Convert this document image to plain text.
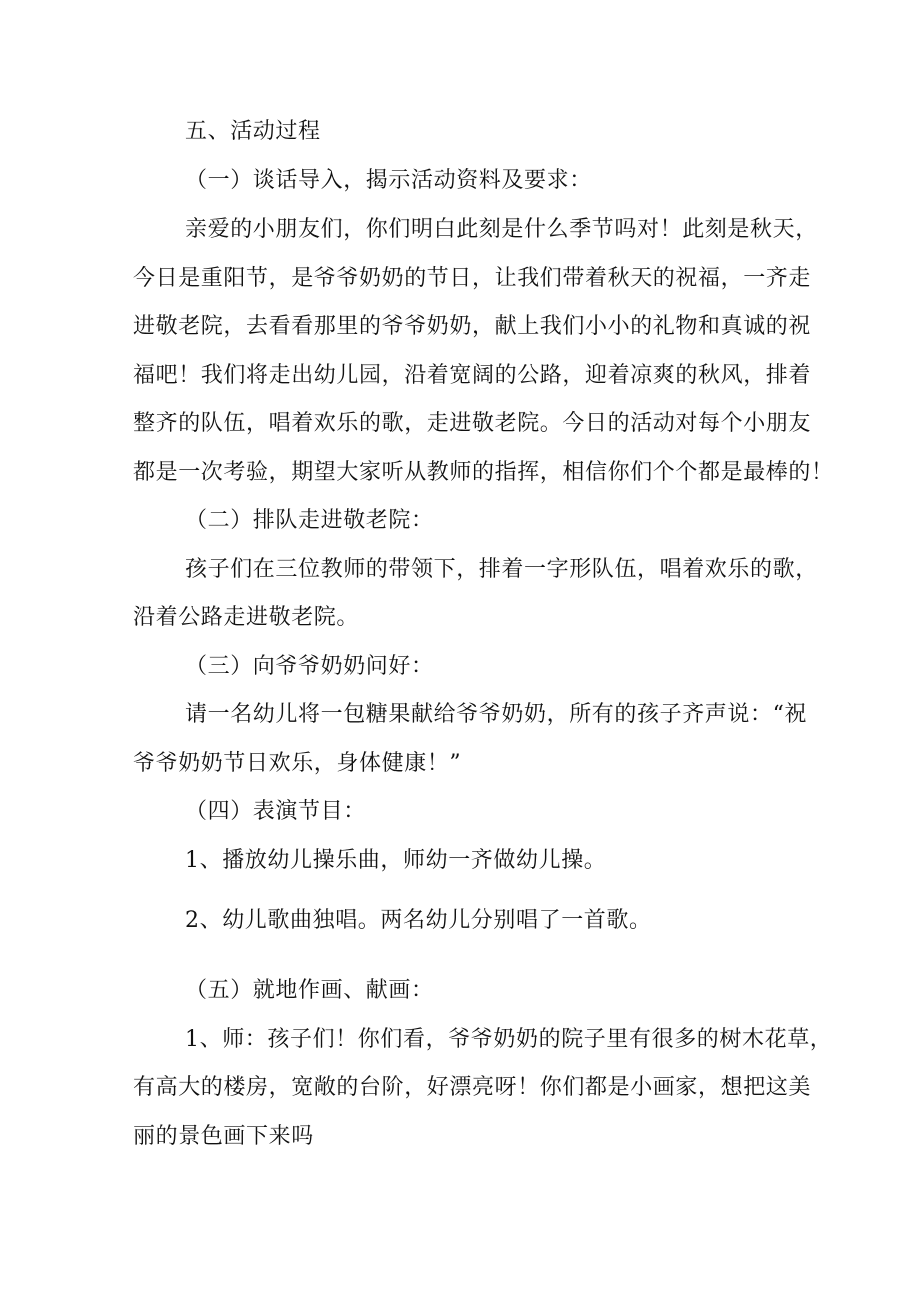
五、活动过程
（一）谈话导入，揭示活动资料及要求：
亲爱的小朋友们，你们明白此刻是什么季节吗对！此刻是秋天，
今日是重阳节，是爷爷奶奶的节日，让我们带着秋天的祝福，一齐走
进敬老院，去看看那里的爷爷奶奶，献上我们小小的礼物和真诚的祝
福吧！我们将走出幼儿园，沿着宽阔的公路，迎着凉爽的秋风，排着
整齐的队伍，唱着欢乐的歌，走进敬老院。今日的活动对每个小朋友
都是一次考验，期望大家听从教师的指挥，相信你们个个都是最棒的！
（二）排队走进敬老院：
孩子们在三位教师的带领下，排着一字形队伍，唱着欢乐的歌，
沿着公路走进敬老院。
（三）向爷爷奶奶问好：
请一名幼儿将一包糖果献给爷爷奶奶，所有的孩子齐声说：“祝
爷爷奶奶节日欢乐，身体健康！”
（四）表演节目：
1、播放幼儿操乐曲，师幼一齐做幼儿操。
2、幼儿歌曲独唱。两名幼儿分别唱了一首歌。
（五）就地作画、献画：
1、师：孩子们！你们看，爷爷奶奶的院子里有很多的树木花草，
有高大的楼房，宽敞的台阶，好漂亮呀！你们都是小画家，想把这美
丽的景色画下来吗
